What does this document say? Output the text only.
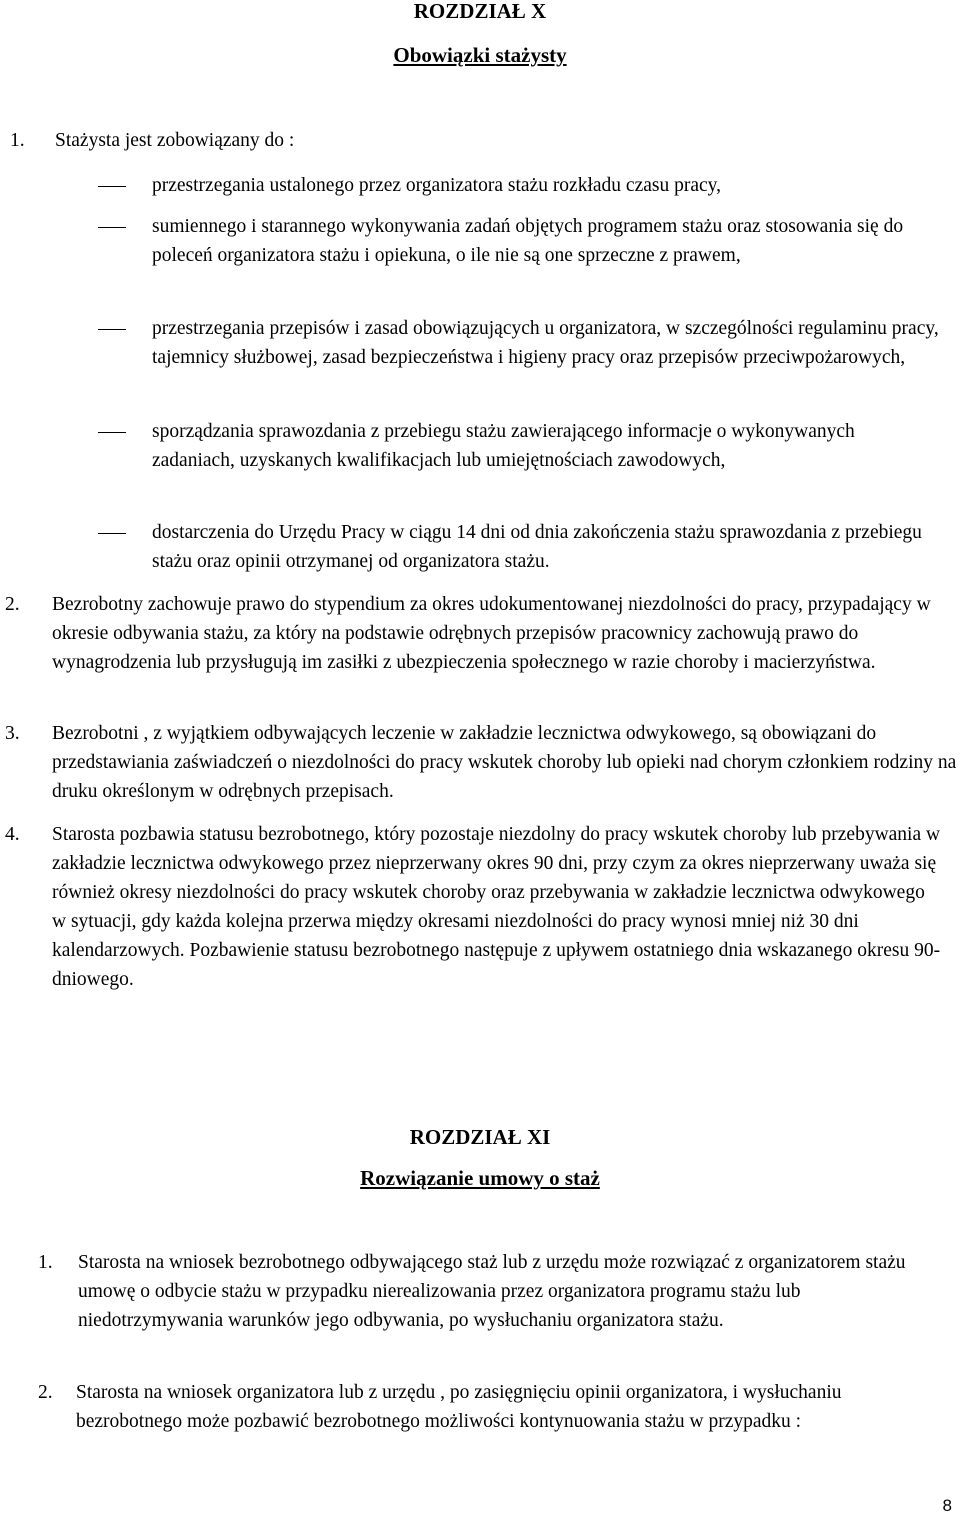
ROZDZIAŁ X
Obowiązki stażysty

1. Stażysta jest zobowiązany do :

przestrzegania ustalonego przez organizatora stażu rozkładu czasu pracy,

sumiennego i starannego wykonywania zadań objętych programem stażu oraz stosowania się do poleceń organizatora stażu i opiekuna, o ile nie są one sprzeczne z prawem,

przestrzegania przepisów i zasad obowiązujących u organizatora, w szczególności regulaminu pracy, tajemnicy służbowej, zasad bezpieczeństwa i higieny pracy oraz przepisów przeciwpożarowych,

sporządzania sprawozdania z przebiegu stażu zawierającego informacje o wykonywanych zadaniach, uzyskanych kwalifikacjach lub umiejętnościach zawodowych,

dostarczenia do Urzędu Pracy w ciągu 14 dni od dnia zakończenia stażu sprawozdania z przebiegu stażu oraz opinii otrzymanej od organizatora stażu.

2. Bezrobotny zachowuje prawo do stypendium za okres udokumentowanej niezdolności do pracy, przypadający w okresie odbywania stażu, za który na podstawie odrębnych przepisów pracownicy zachowują prawo do wynagrodzenia lub przysługują im zasiłki z ubezpieczenia społecznego w razie choroby i macierzyństwa.

3. Bezrobotni , z wyjątkiem odbywających leczenie w zakładzie lecznictwa odwykowego, są obowiązani do przedstawiania zaświadczeń o niezdolności do pracy wskutek choroby lub opieki nad chorym członkiem rodziny na druku określonym w odrębnych przepisach.

4. Starosta pozbawia statusu bezrobotnego, który pozostaje niezdolny do pracy wskutek choroby lub przebywania w zakładzie lecznictwa odwykowego przez nieprzerwany okres 90 dni, przy czym za okres nieprzerwany uważa się również okresy niezdolności do pracy wskutek choroby oraz przebywania w zakładzie lecznictwa odwykowego w sytuacji, gdy każda kolejna przerwa między okresami niezdolności do pracy wynosi mniej niż 30 dni kalendarzowych. Pozbawienie statusu bezrobotnego następuje z upływem ostatniego dnia wskazanego okresu 90-dniowego.

ROZDZIAŁ XI
Rozwiązanie umowy o staż

1. Starosta na wniosek bezrobotnego odbywającego staż lub z urzędu może rozwiązać z organizatorem stażu umowę o odbycie stażu w przypadku nierealizowania przez organizatora programu stażu lub niedotrzymywania warunków jego odbywania, po wysłuchaniu organizatora stażu.

2. Starosta na wniosek organizatora lub z urzędu , po zasięgnięciu opinii organizatora, i wysłuchaniu bezrobotnego może pozbawić bezrobotnego możliwości kontynuowania stażu w przypadku :

8
